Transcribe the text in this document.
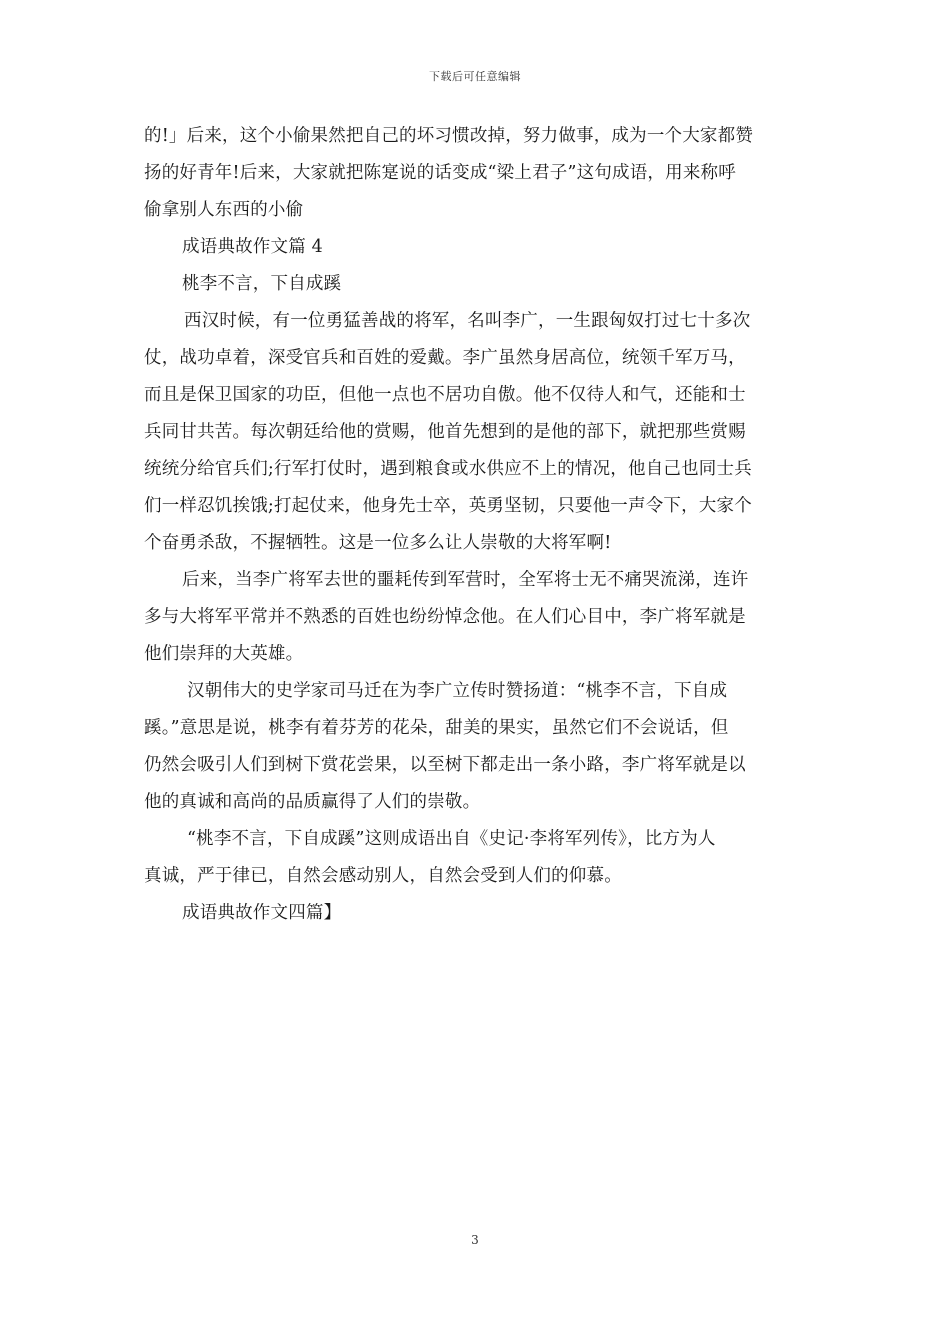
下载后可任意编辑
的!」后来，这个小偷果然把自己的坏习惯改掉，努力做事，成为一个大家都赞
扬的好青年!后来，大家就把陈寔说的话变成“梁上君子”这句成语，用来称呼
偷拿别人东西的小偷
成语典故作文篇 4
桃李不言，下自成蹊
西汉时候，有一位勇猛善战的将军，名叫李广，一生跟匈奴打过七十多次
仗，战功卓着，深受官兵和百姓的爱戴。李广虽然身居高位，统领千军万马，
而且是保卫国家的功臣，但他一点也不居功自傲。他不仅待人和气，还能和士
兵同甘共苦。每次朝廷给他的赏赐，他首先想到的是他的部下，就把那些赏赐
统统分给官兵们;行军打仗时，遇到粮食或水供应不上的情况，他自己也同士兵
们一样忍饥挨饿;打起仗来，他身先士卒，英勇坚韧，只要他一声令下，大家个
个奋勇杀敌，不握牺牲。这是一位多么让人崇敬的大将军啊!
后来，当李广将军去世的噩耗传到军营时，全军将士无不痛哭流涕，连许
多与大将军平常并不熟悉的百姓也纷纷悼念他。在人们心目中，李广将军就是
他们崇拜的大英雄。
汉朝伟大的史学家司马迁在为李广立传时赞扬道：“桃李不言，下自成
蹊。”意思是说，桃李有着芬芳的花朵，甜美的果实，虽然它们不会说话，但
仍然会吸引人们到树下赏花尝果，以至树下都走出一条小路，李广将军就是以
他的真诚和高尚的品质赢得了人们的崇敬。
“桃李不言，下自成蹊”这则成语出自《史记·李将军列传》，比方为人
真诚，严于律已，自然会感动别人，自然会受到人们的仰慕。
成语典故作文四篇】
3
